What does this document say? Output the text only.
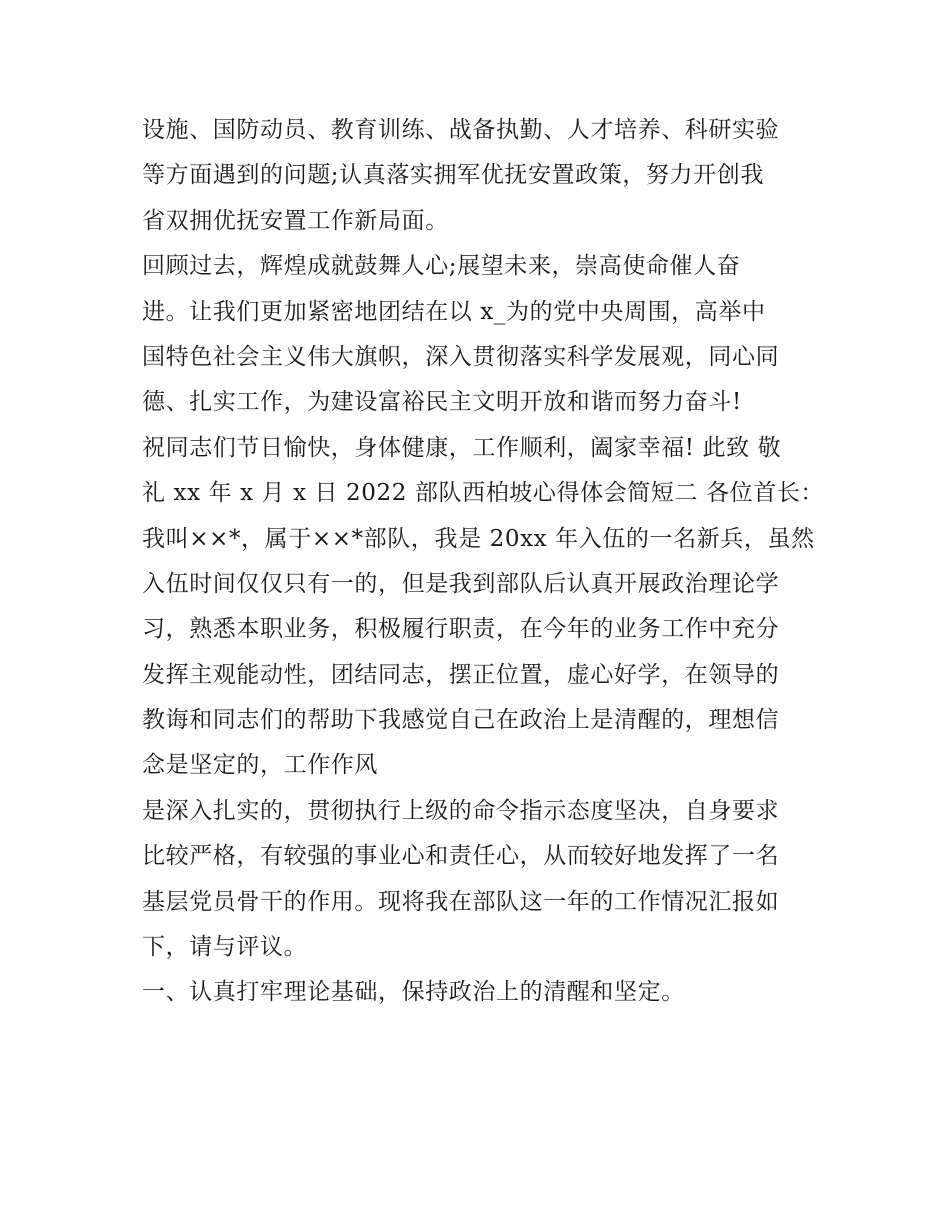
设施、国防动员、教育训练、战备执勤、人才培养、科研实验
等方面遇到的问题;认真落实拥军优抚安置政策，努力开创我
省双拥优抚安置工作新局面。
回顾过去，辉煌成就鼓舞人心;展望未来，崇高使命催人奋
进。让我们更加紧密地团结在以 x_为的党中央周围，高举中
国特色社会主义伟大旗帜，深入贯彻落实科学发展观，同心同
德、扎实工作，为建设富裕民主文明开放和谐而努力奋斗!
祝同志们节日愉快，身体健康，工作顺利，阖家幸福! 此致 敬
礼 xx 年 x 月 x 日 2022 部队西柏坡心得体会简短二 各位首长：
我叫××*，属于××*部队，我是 20xx 年入伍的一名新兵，虽然
入伍时间仅仅只有一的，但是我到部队后认真开展政治理论学
习，熟悉本职业务，积极履行职责，在今年的业务工作中充分
发挥主观能动性，团结同志，摆正位置，虚心好学，在领导的
教诲和同志们的帮助下我感觉自己在政治上是清醒的，理想信
念是坚定的，工作作风
是深入扎实的，贯彻执行上级的命令指示态度坚决，自身要求
比较严格，有较强的事业心和责任心，从而较好地发挥了一名
基层党员骨干的作用。现将我在部队这一年的工作情况汇报如
下，请与评议。
一、认真打牢理论基础，保持政治上的清醒和坚定。
